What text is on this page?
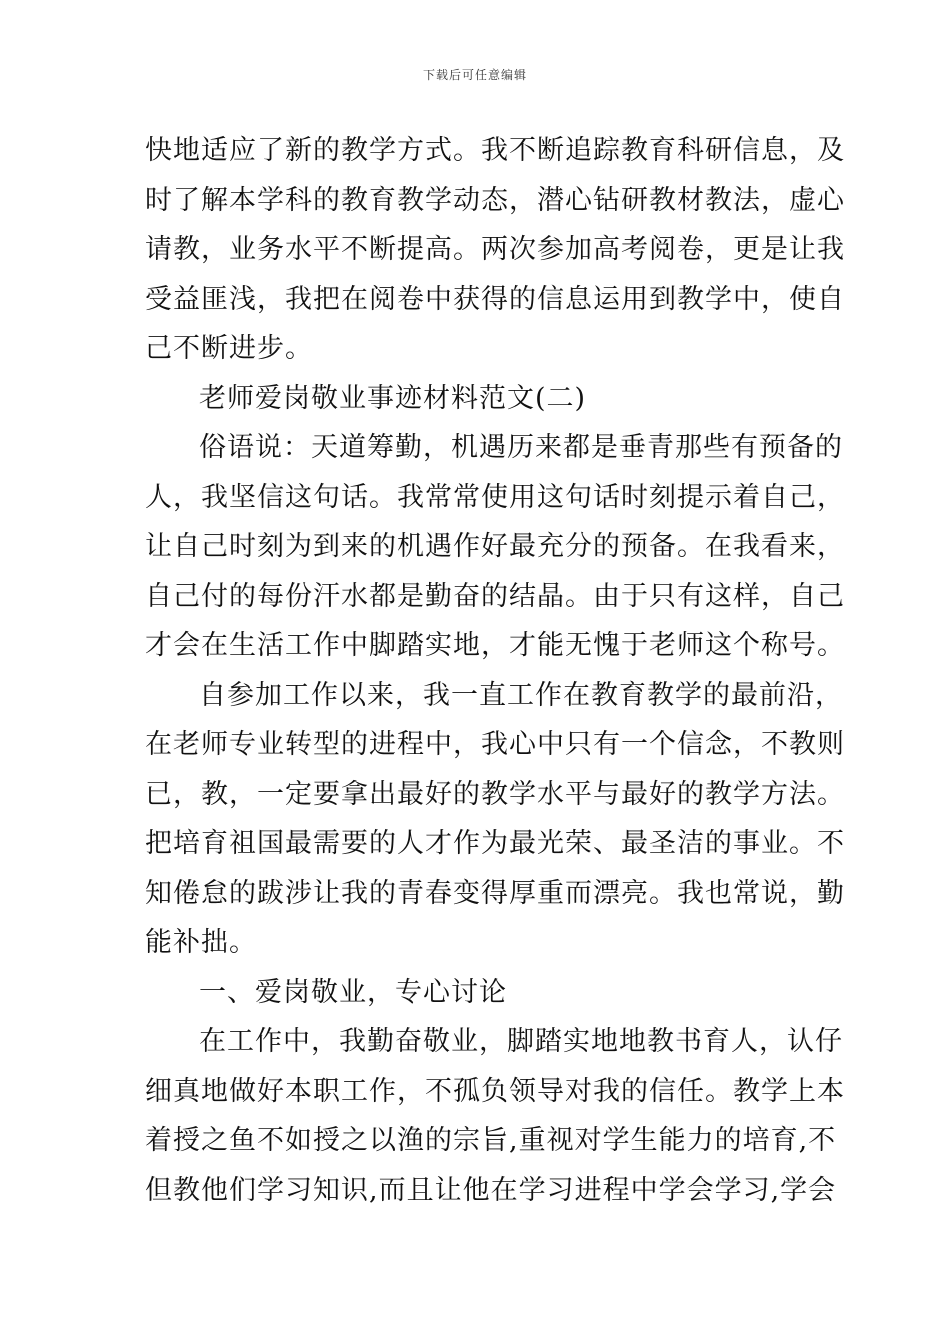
下载后可任意编辑
快地适应了新的教学方式。我不断追踪教育科研信息，及
时了解本学科的教育教学动态，潜心钻研教材教法，虚心
请教，业务水平不断提高。两次参加高考阅卷，更是让我
受益匪浅，我把在阅卷中获得的信息运用到教学中，使自
己不断进步。
老师爱岗敬业事迹材料范文(二)
俗语说：天道筹勤，机遇历来都是垂青那些有预备的
人，我坚信这句话。我常常使用这句话时刻提示着自己，
让自己时刻为到来的机遇作好最充分的预备。在我看来，
自己付的每份汗水都是勤奋的结晶。由于只有这样，自己
才会在生活工作中脚踏实地，才能无愧于老师这个称号。
自参加工作以来，我一直工作在教育教学的最前沿，
在老师专业转型的进程中，我心中只有一个信念，不教则
已，教，一定要拿出最好的教学水平与最好的教学方法。
把培育祖国最需要的人才作为最光荣、最圣洁的事业。不
知倦怠的跋涉让我的青春变得厚重而漂亮。我也常说，勤
能补拙。
一、爱岗敬业，专心讨论
在工作中，我勤奋敬业，脚踏实地地教书育人，认仔
细真地做好本职工作，不孤负领导对我的信任。教学上本
着授之鱼不如授之以渔的宗旨,重视对学生能力的培育,不
但教他们学习知识,而且让他在学习进程中学会学习,学会
